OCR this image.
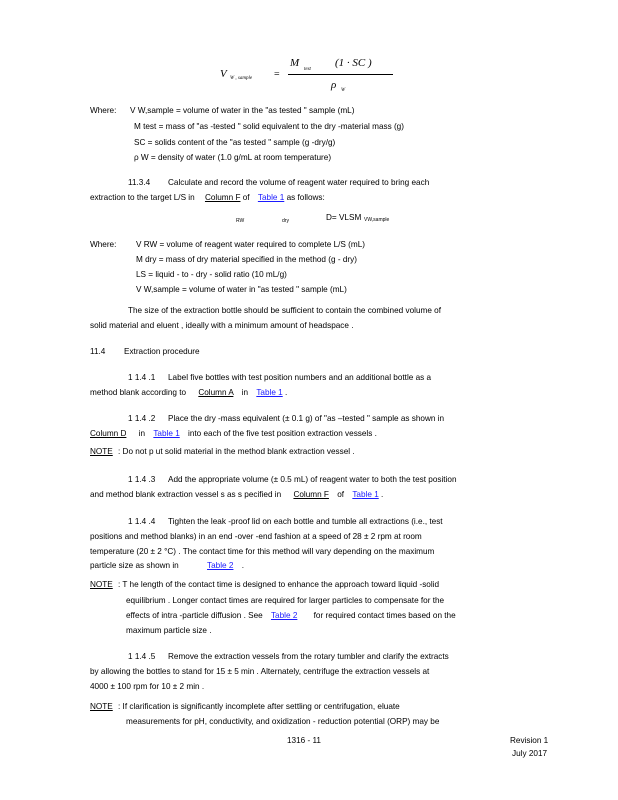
V W , sample =
M
test
(1 · SC )
ρ W
Where: V W,sample = volume of water in the "as tested " sample (mL)
M test = mass of "as -tested " solid equivalent to the dry -material mass (g)
SC = solids content of the "as tested " sample (g -dry/g)
ρ W = density of water (1.0 g/mL at room temperature)
11.3.4 Calculate and record the volume of reagent water required to bring each
extraction to the target L/S in Column F of Table 1 as follows:
RW	dry	D= VLSM VW,sample
Where: V RW = volume of reagent water required to complete L/S (mL)
M dry = mass of dry material specified in the method (g - dry)
LS = liquid - to - dry - solid ratio (10 mL/g)
V W,sample = volume of water in "as tested " sample (mL)
The size of the extraction bottle should be sufficient to contain the combined volume of
solid material and eluent , ideally with a minimum amount of headspace .
11.4 Extraction procedure
1 1.4 .1 Label five bottles with test position numbers and an additional bottle as a
method blank according to Column A in Table 1 .
1 1.4 .2 Place the dry -mass equivalent (± 0.1 g) of "as –tested " sample as shown in
Column D in Table 1 into each of the five test position extraction vessels .
NOTE : Do not p ut solid material in the method blank extraction vessel .
1 1.4 .3 Add the appropriate volume (± 0.5 mL) of reagent water to both the test position
and method blank extraction vessel s as s pecified in Column F of Table 1 .
1 1.4 .4 Tighten the leak -proof lid on each bottle and tumble all extractions (i.e., test
positions and method blanks) in an end -over -end fashion at a speed of 28 ± 2 rpm at room
temperature (20 ± 2 °C) . The contact time for this method will vary depending on the maximum
particle size as shown in	Table 2 .
NOTE : T he length of the contact time is designed to enhance the approach toward liquid -solid
equilibrium . Longer contact times are required for larger particles to compensate for the
effects of intra -particle diffusion . See Table 2 for required contact times based on the
maximum particle size .
1 1.4 .5 Remove the extraction vessels from the rotary tumbler and clarify the extracts
by allowing the bottles to stand for 15 ± 5 min . Alternately, centrifuge the extraction vessels at
4000 ± 100 rpm for 10 ± 2 min .
NOTE : If clarification is significantly incomplete after settling or centrifugation, eluate
measurements for pH, conductivity, and oxidization - reduction potential (ORP) may be
1316 - 11	Revision 1
July 2017
